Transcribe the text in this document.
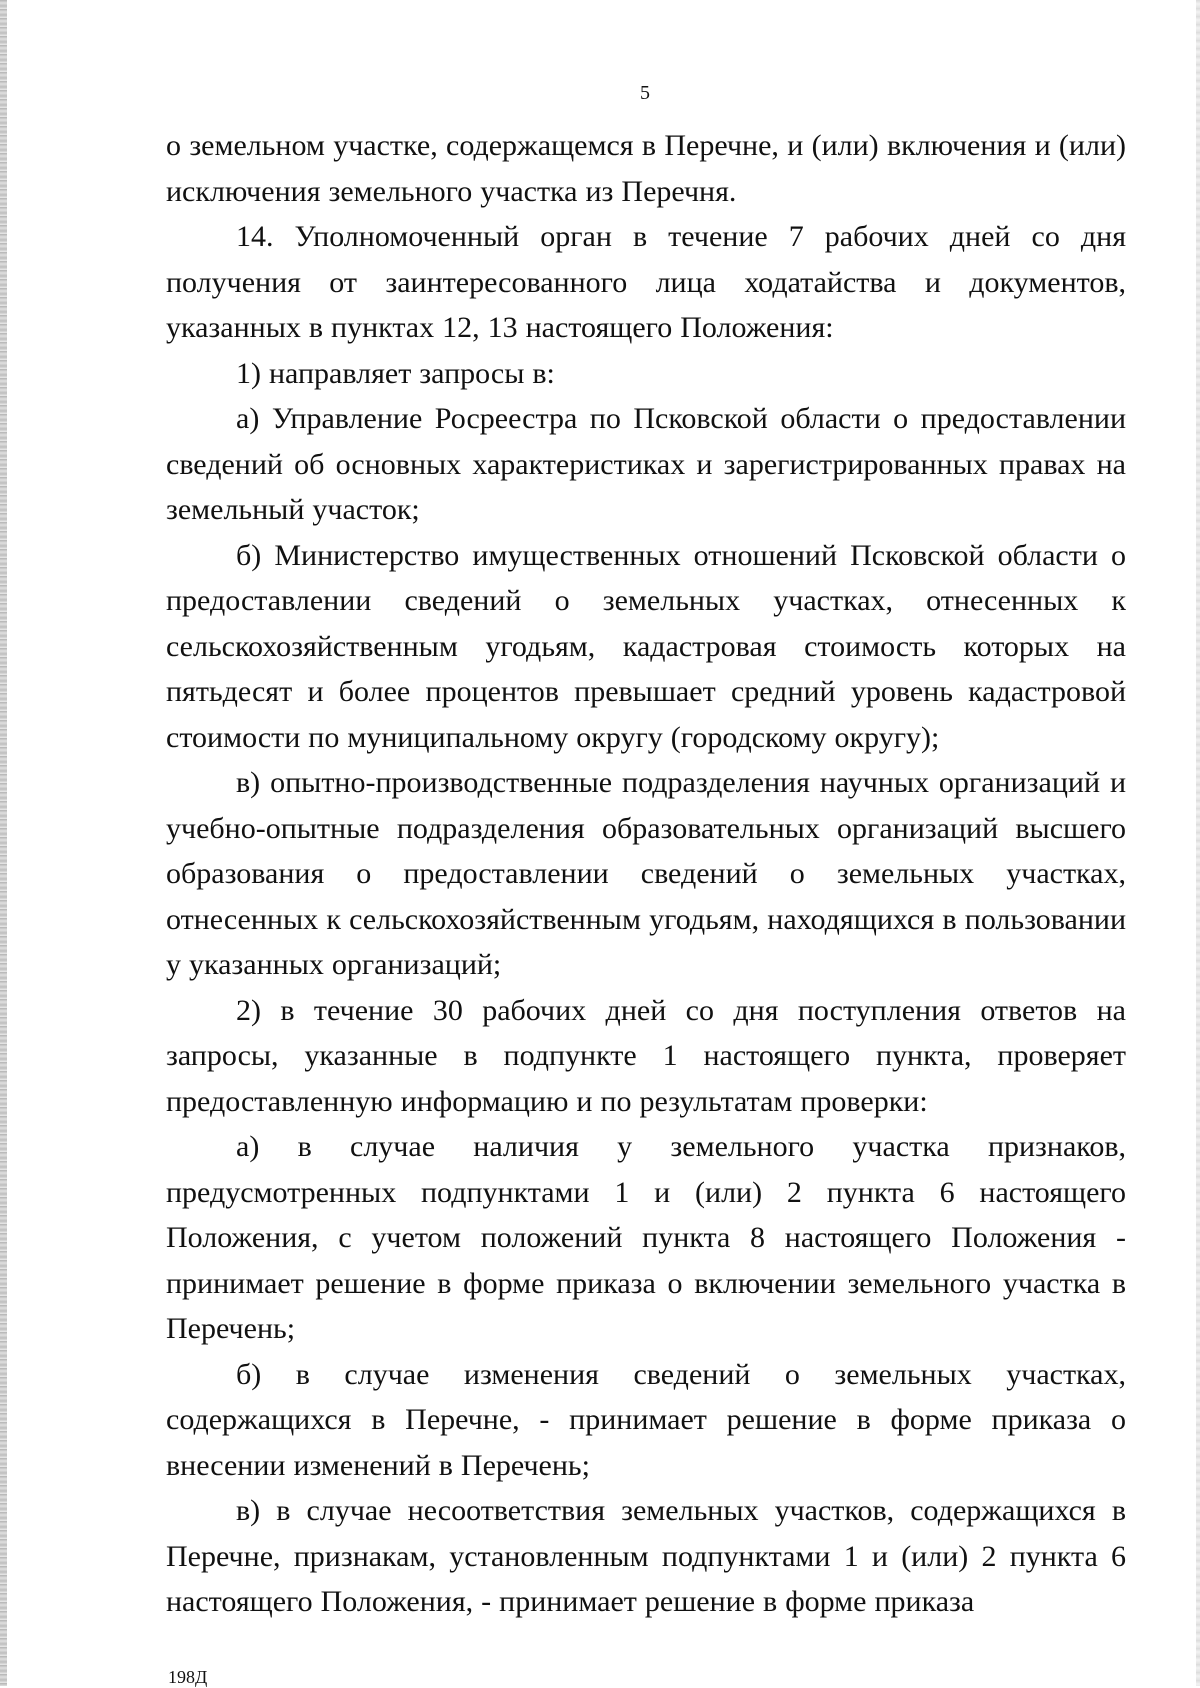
5

о земельном участке, содержащемся в Перечне, и (или) включения и (или) исключения земельного участка из Перечня.

14. Уполномоченный орган в течение 7 рабочих дней со дня получения от заинтересованного лица ходатайства и документов, указанных в пунктах 12, 13 настоящего Положения:

1) направляет запросы в:

а) Управление Росреестра по Псковской области о предоставлении сведений об основных характеристиках и зарегистрированных правах на земельный участок;

б) Министерство имущественных отношений Псковской области о предоставлении сведений о земельных участках, отнесенных к сельскохозяйственным угодьям, кадастровая стоимость которых на пятьдесят и более процентов превышает средний уровень кадастровой стоимости по муниципальному округу (городскому округу);

в) опытно-производственные подразделения научных организаций и учебно-опытные подразделения образовательных организаций высшего образования о предоставлении сведений о земельных участках, отнесенных к сельскохозяйственным угодьям, находящихся в пользовании у указанных организаций;

2) в течение 30 рабочих дней со дня поступления ответов на запросы, указанные в подпункте 1 настоящего пункта, проверяет предоставленную информацию и по результатам проверки:

а) в случае наличия у земельного участка признаков, предусмотренных подпунктами 1 и (или) 2 пункта 6 настоящего Положения, с учетом положений пункта 8 настоящего Положения - принимает решение в форме приказа о включении земельного участка в Перечень;

б) в случае изменения сведений о земельных участках, содержащихся в Перечне, - принимает решение в форме приказа о внесении изменений в Перечень;

в) в случае несоответствия земельных участков, содержащихся в Перечне, признакам, установленным подпунктами 1 и (или) 2 пункта 6 настоящего Положения, - принимает решение в форме приказа

198Д
